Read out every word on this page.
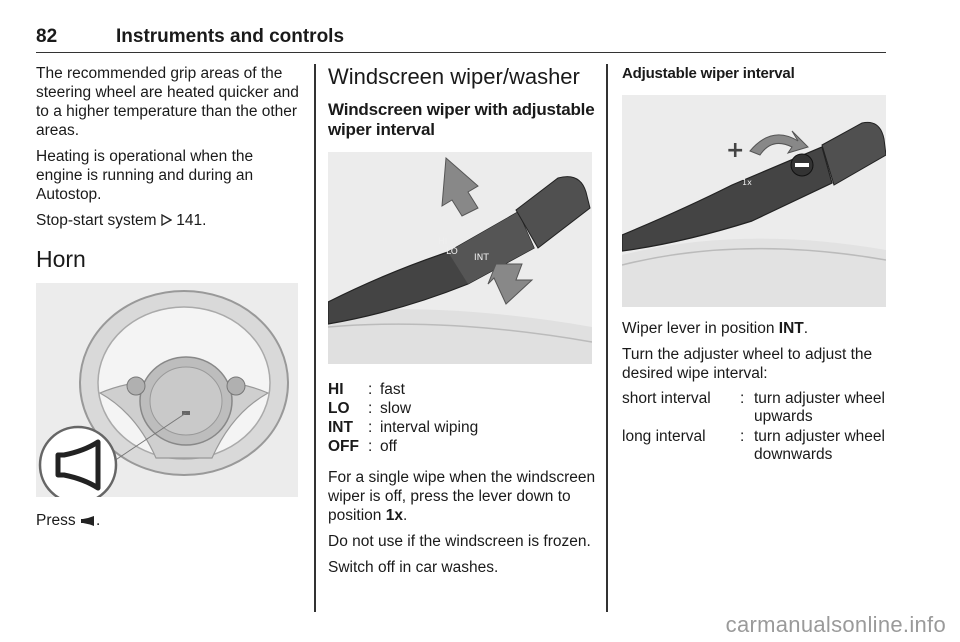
82	Instruments and controls

The recommended grip areas of the steering wheel are heated quicker and to a higher temperature than the other areas.

Heating is operational when the engine is running and during an Autostop.

Stop-start system  141.

Horn

Press .

Windscreen wiper/washer
Windscreen wiper with adjustable wiper interval
HI
LO
INT
HI	: fast
LO	: slow
INT : interval wiping
OFF : off

For a single wipe when the windscreen wiper is off, press the lever down to position 1x.

Do not use if the windscreen is frozen.

Switch off in car washes.

Adjustable wiper interval
1x
+

Wiper lever in position INT.

Turn the adjuster wheel to adjust the desired wipe interval:

short interval	: turn adjuster wheel upwards
long interval	: turn adjuster wheel downwards
carmanualsonline.info
